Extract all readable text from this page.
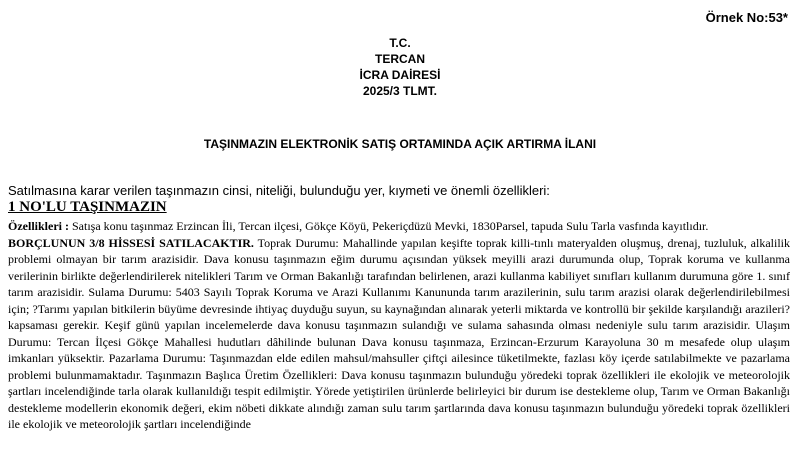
Örnek No:53*
T.C.
TERCAN
İCRA DAİRESİ
2025/3 TLMT.
TAŞINMAZIN ELEKTRONİK SATIŞ ORTAMINDA AÇIK ARTIRMA İLANI
Satılmasına karar verilen taşınmazın cinsi, niteliği, bulunduğu yer, kıymeti ve önemli özellikleri:
1 NO'LU TAŞINMAZIN
Özellikleri : Satışa konu taşınmaz Erzincan İli, Tercan ilçesi, Gökçe Köyü, Pekeriçdüzü Mevki, 1830Parsel, tapuda Sulu Tarla vasfında kayıtlıdır.
BORÇLUNUN 3/8 HİSSESİ SATILACAKTIR. Toprak Durumu: Mahallinde yapılan keşifte toprak killi-tınlı materyalden oluşmuş, drenaj, tuzluluk, alkalilik problemi olmayan bir tarım arazisidir. Dava konusu taşınmazın eğim durumu açısından yüksek meyilli arazi durumunda olup, Toprak koruma ve kullanma verilerinin birlikte değerlendirilerek nitelikleri Tarım ve Orman Bakanlığı tarafından belirlenen, arazi kullanma kabiliyet sınıfları kullanım durumuna göre 1. sınıf tarım arazisidir. Sulama Durumu: 5403 Sayılı Toprak Koruma ve Arazi Kullanımı Kanununda tarım arazilerinin, sulu tarım arazisi olarak değerlendirilebilmesi için; ?Tarımı yapılan bitkilerin büyüme devresinde ihtiyaç duyduğu suyun, su kaynağından alınarak yeterli miktarda ve kontrollü bir şekilde karşılandığı arazileri? kapsaması gerekir. Keşif günü yapılan incelemelerde dava konusu taşınmazın sulandığı ve sulama sahasında olması nedeniyle sulu tarım arazisidir. Ulaşım Durumu: Tercan İlçesi Gökçe Mahallesi hudutları dâhilinde bulunan Dava konusu taşınmaza, Erzincan-Erzurum Karayoluna 30 m mesafede olup ulaşım imkanları yüksektir. Pazarlama Durumu: Taşınmazdan elde edilen mahsul/mahsuller çiftçi ailesince tüketilmekte, fazlası köy içerde satılabilmekte ve pazarlama problemi bulunmamaktadır. Taşınmazın Başlıca Üretim Özellikleri: Dava konusu taşınmazın bulunduğu yöredeki toprak özellikleri ile ekolojik ve meteorolojik şartları incelendiğinde tarla olarak kullanıldığı tespit edilmiştir. Yörede yetiştirilen ürünlerde belirleyici bir durum ise destekleme olup, Tarım ve Orman Bakanlığı destekleme modellerin ekonomik değeri, ekim nöbeti dikkate alındığı zaman sulu tarım şartlarında dava konusu taşınmazın bulunduğu yöredeki toprak özellikleri ile ekolojik ve meteorolojik şartları incelendiğinde
